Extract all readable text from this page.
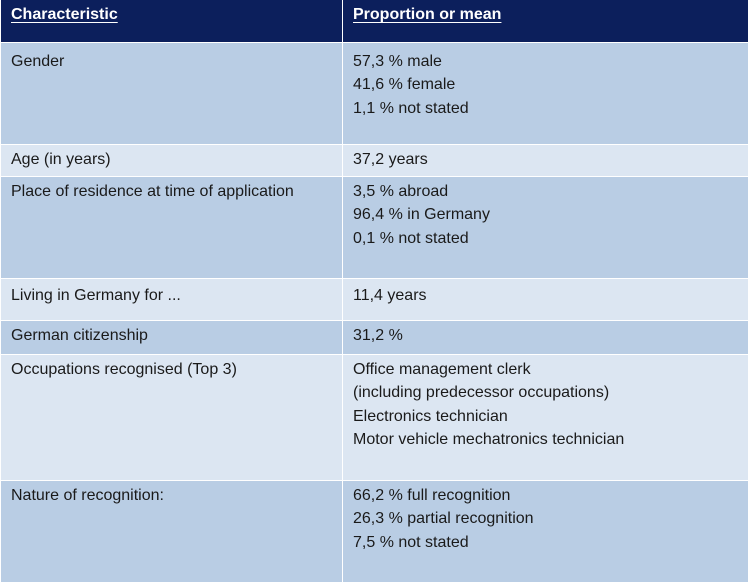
Characteristic	Proportion or mean
Gender	57,3 % male
41,6 % female
1,1 % not stated
Age (in years)	37,2 years
Place of residence at time of application	3,5 % abroad
96,4 % in Germany
0,1 % not stated
Living in Germany for ...	11,4 years
German citizenship	31,2 %
Occupations recognised (Top 3)	Office management clerk
(including predecessor occupations)
Electronics technician
Motor vehicle mechatronics technician
Nature of recognition:	66,2 % full recognition
26,3 % partial recognition
7,5 % not stated
